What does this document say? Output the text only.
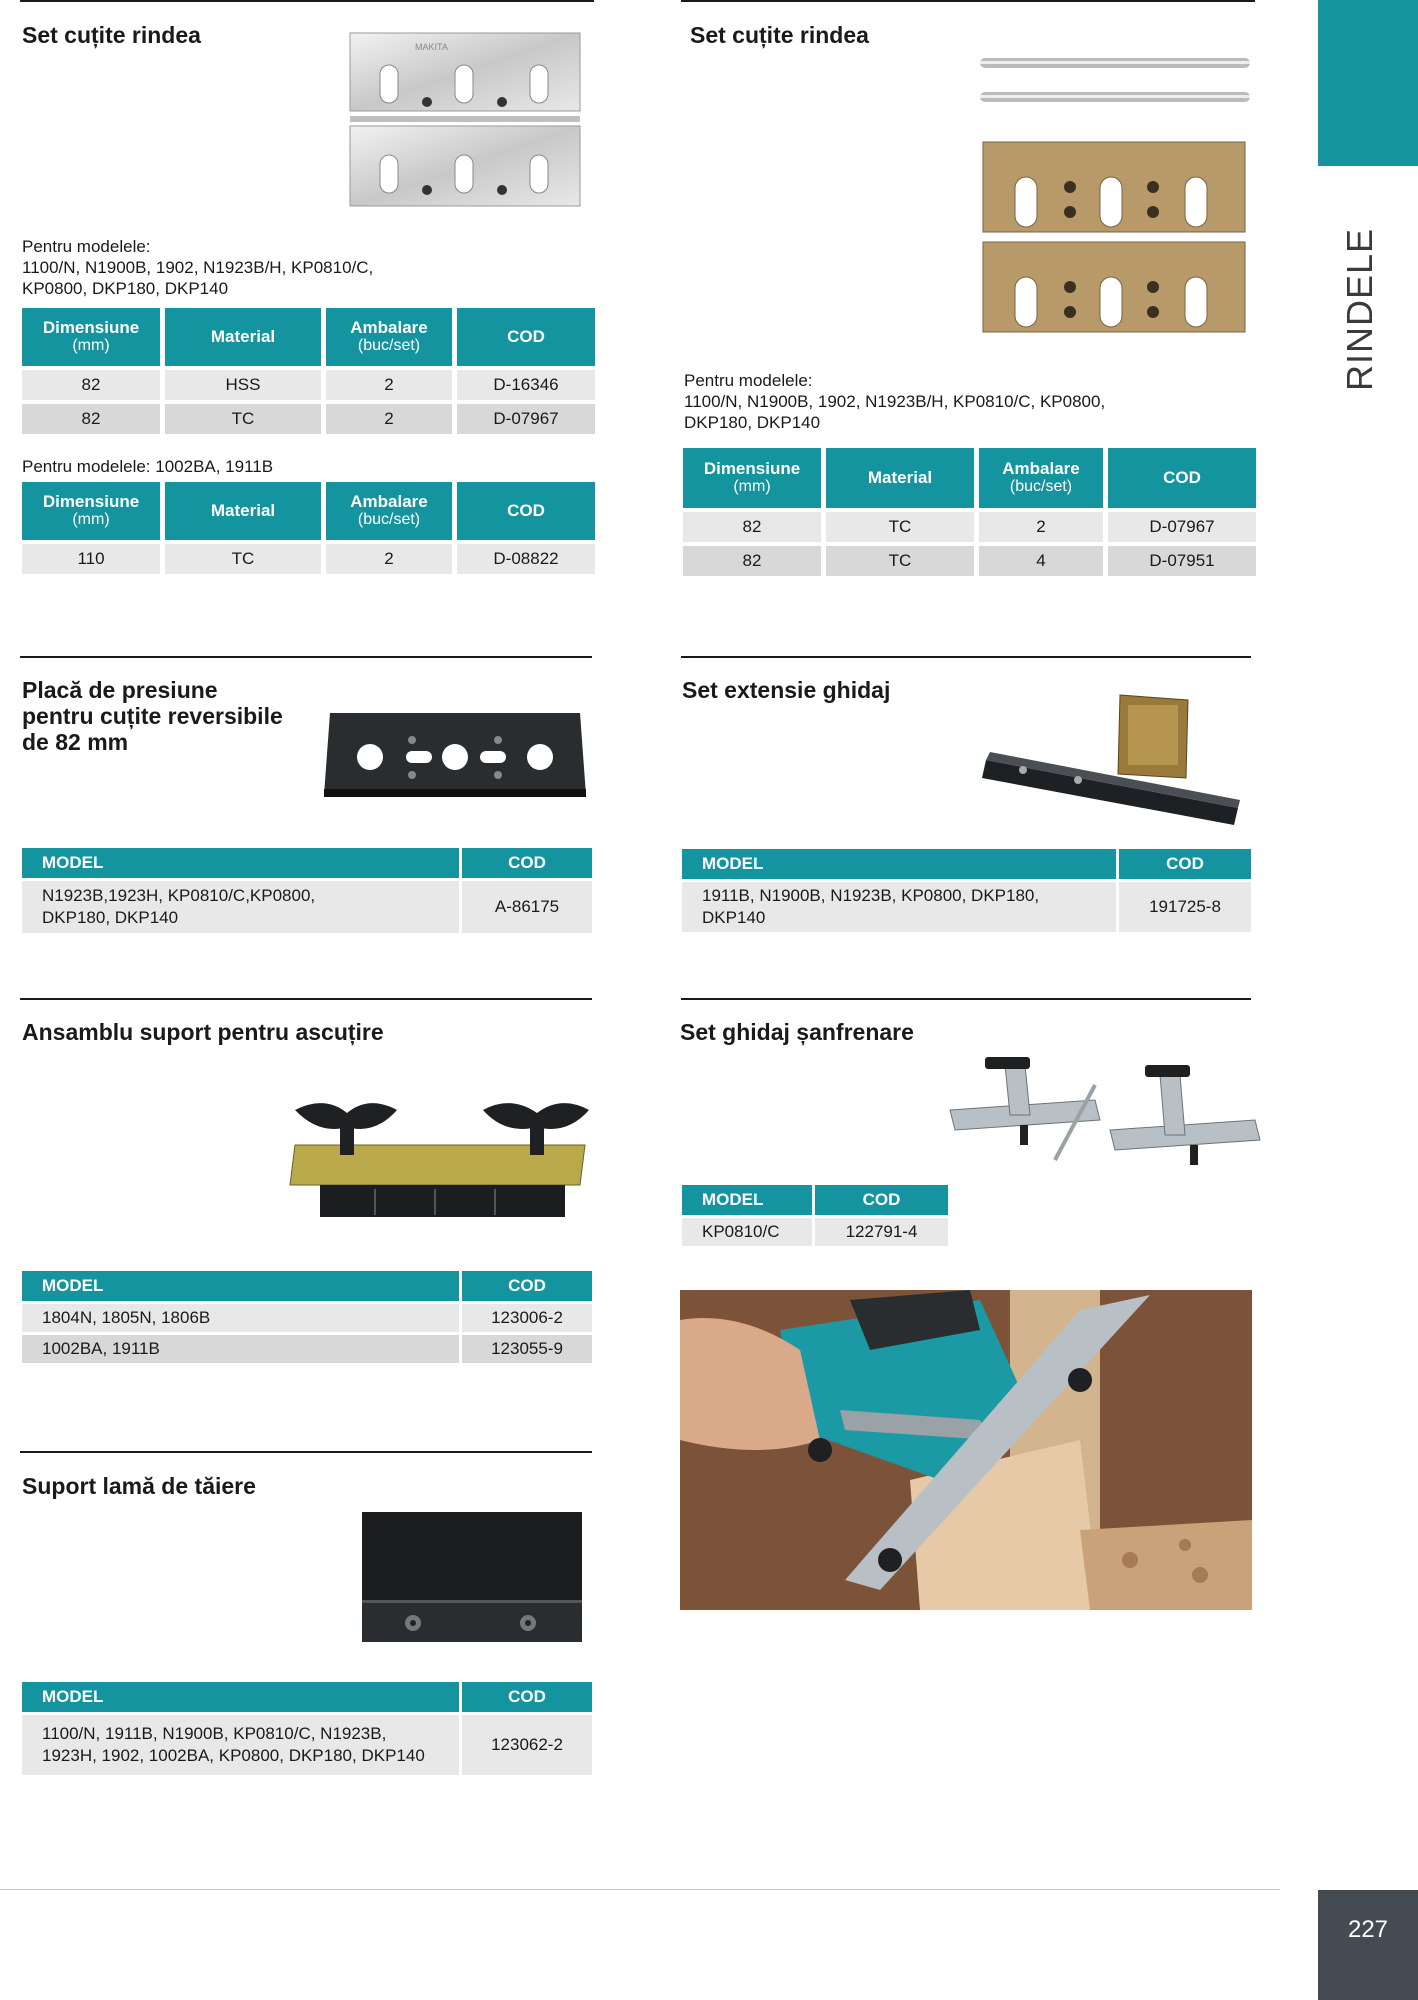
RINDELE
227
Set cuțite rindea	MAKITA
Pentru modelele:
1100/N, N1900B, 1902, N1923B/H, KP0810/C,
KP0800, DKP180, DKP140
Dimensiune
(mm)	Material	Ambalare
(buc/set)	COD
82	HSS	2	D-16346
82	TC	2	D-07967
Pentru modelele: 1002BA, 1911B
Dimensiune
(mm)	Material	Ambalare
(buc/set)	COD
110	TC	2	D-08822
Set cuțite rindea
Pentru modelele:
1100/N, N1900B, 1902, N1923B/H, KP0810/C, KP0800,
DKP180, DKP140
Dimensiune
(mm)	Material	Ambalare
(buc/set)	COD
82	TC	2	D-07967
82	TC	4	D-07951
Placă de presiune
pentru cuțite reversibile
de 82 mm
MODEL	COD
N1923B,1923H, KP0810/C,KP0800,
DKP180, DKP140	A-86175
Set extensie ghidaj
MODEL	COD
1911B, N1900B, N1923B, KP0800, DKP180,
DKP140	191725-8
Ansamblu suport pentru ascuțire
MODEL	COD
1804N, 1805N, 1806B	123006-2
1002BA, 1911B	123055-9
Set ghidaj șanfrenare
MODEL	COD
KP0810/C	122791-4
Suport lamă de tăiere
MODEL	COD
1100/N, 1911B, N1900B, KP0810/C, N1923B,
1923H, 1902, 1002BA, KP0800, DKP180, DKP140	123062-2
